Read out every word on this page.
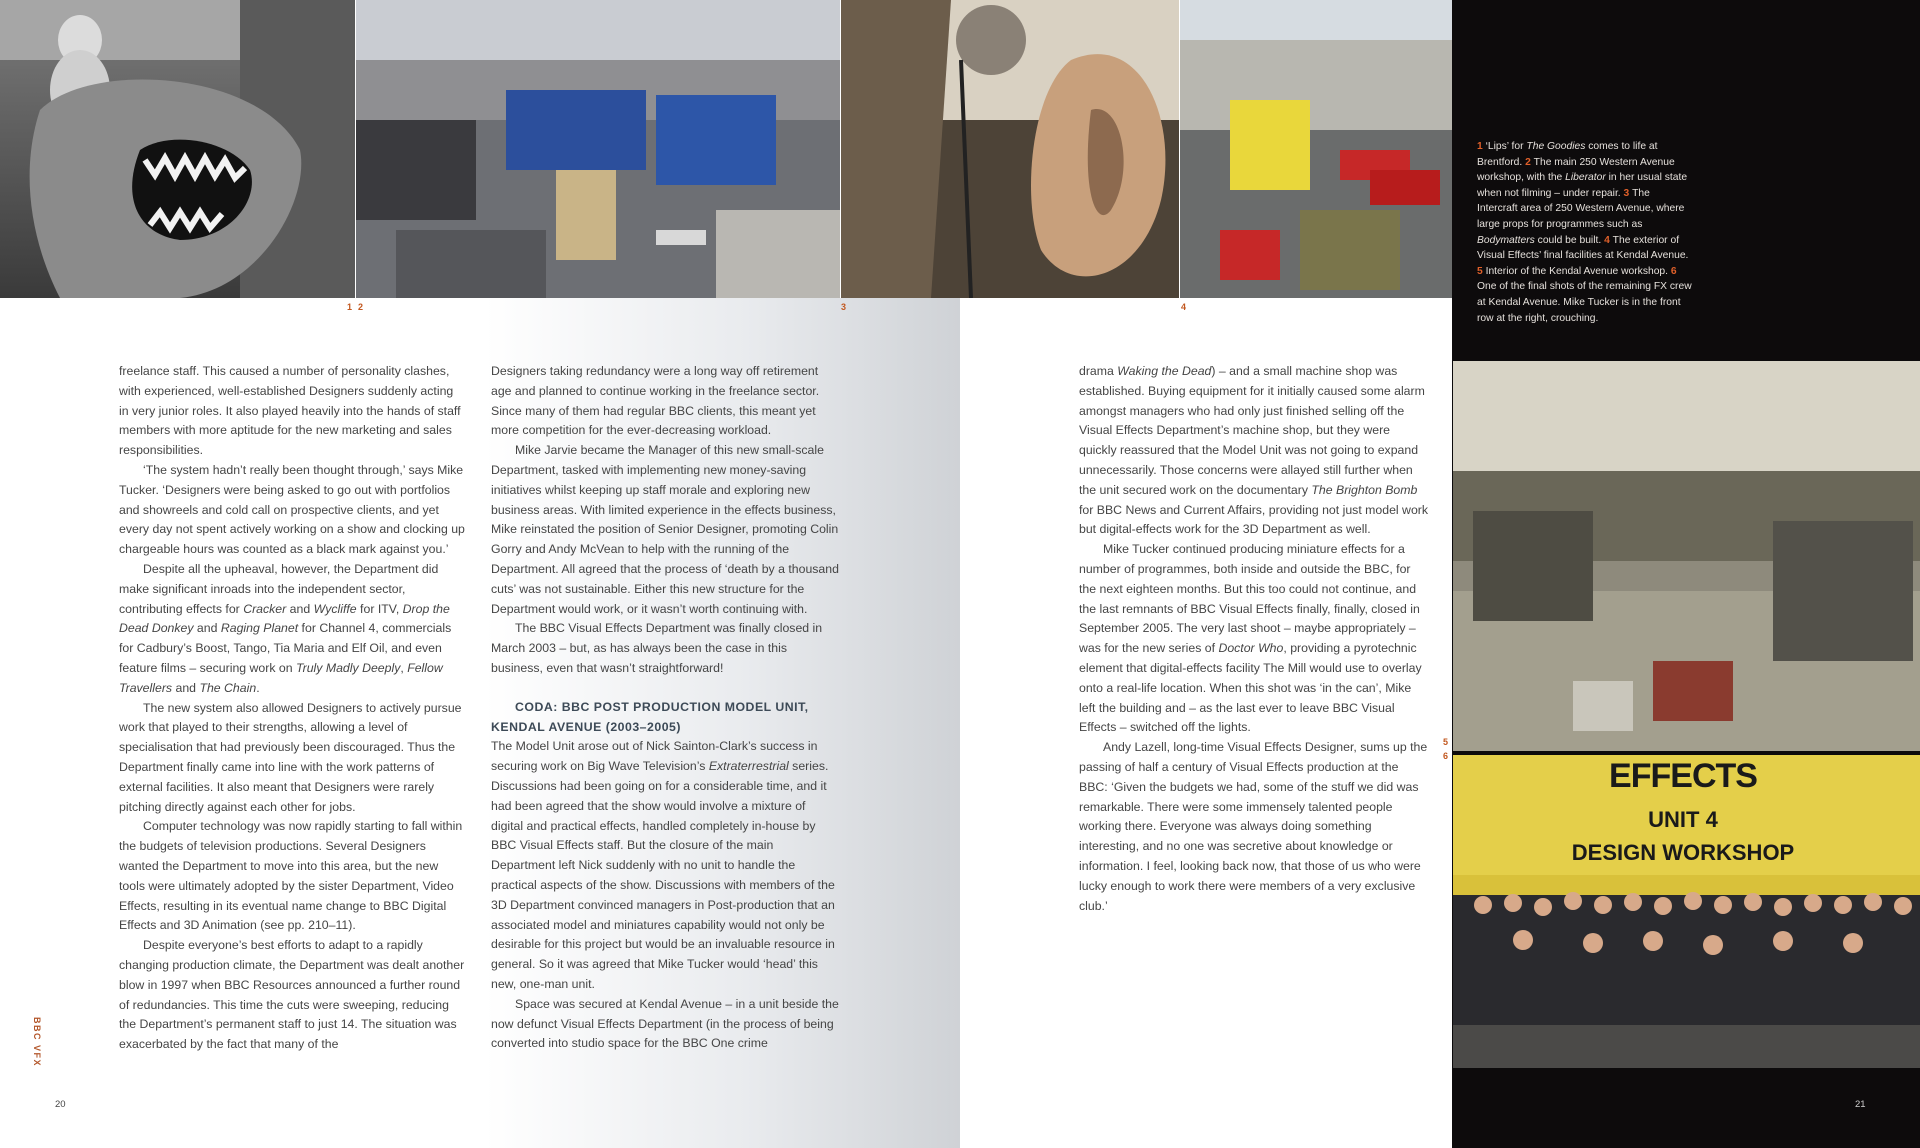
EFFECTS
UNIT 4
DESIGN WORKSHOP
1 2	3	4
5
6
1 ‘Lips’ for The Goodies comes to life at Brentford. 2 The main 250 Western Avenue workshop, with the Liberator in her usual state when not filming – under repair. 3 The Intercraft area of 250 Western Avenue, where large props for programmes such as Bodymatters could be built. 4 The exterior of Visual Effects’ final facilities at Kendal Avenue. 5 Interior of the Kendal Avenue workshop. 6 One of the final shots of the remaining FX crew at Kendal Avenue. Mike Tucker is in the front row at the right, crouching.

freelance staff. This caused a number of personality clashes, with experienced, well-established Designers suddenly acting in very junior roles. It also played heavily into the hands of staff members with more aptitude for the new marketing and sales responsibilities.

‘The system hadn’t really been thought through,’ says Mike Tucker. ‘Designers were being asked to go out with portfolios and showreels and cold call on prospective clients, and yet every day not spent actively working on a show and clocking up chargeable hours was counted as a black mark against you.’

Despite all the upheaval, however, the Department did make significant inroads into the independent sector, contributing effects for Cracker and Wycliffe for ITV, Drop the Dead Donkey and Raging Planet for Channel 4, commercials for Cadbury’s Boost, Tango, Tia Maria and Elf Oil, and even feature films – securing work on Truly Madly Deeply, Fellow Travellers and The Chain.

The new system also allowed Designers to actively pursue work that played to their strengths, allowing a level of specialisation that had previously been discouraged. Thus the Department finally came into line with the work patterns of external facilities. It also meant that Designers were rarely pitching directly against each other for jobs.

Computer technology was now rapidly starting to fall within the budgets of television productions. Several Designers wanted the Department to move into this area, but the new tools were ultimately adopted by the sister Department, Video Effects, resulting in its eventual name change to BBC Digital Effects and 3D Animation (see pp. 210–11).

Despite everyone’s best efforts to adapt to a rapidly changing production climate, the Department was dealt another blow in 1997 when BBC Resources announced a further round of redundancies. This time the cuts were sweeping, reducing the Department’s permanent staff to just 14. The situation was exacerbated by the fact that many of the

Designers taking redundancy were a long way off retirement age and planned to continue working in the freelance sector. Since many of them had regular BBC clients, this meant yet more competition for the ever-decreasing workload.

Mike Jarvie became the Manager of this new small-scale Department, tasked with implementing new money-saving initiatives whilst keeping up staff morale and exploring new business areas. With limited experience in the effects business, Mike reinstated the position of Senior Designer, promoting Colin Gorry and Andy McVean to help with the running of the Department. All agreed that the process of ‘death by a thousand cuts’ was not sustainable. Either this new structure for the Department would work, or it wasn’t worth continuing with.

The BBC Visual Effects Department was finally closed in March 2003 – but, as has always been the case in this business, even that wasn’t straightforward!

CODA: BBC POST PRODUCTION MODEL UNIT,

KENDAL AVENUE (2003–2005)

The Model Unit arose out of Nick Sainton-Clark’s success in securing work on Big Wave Television’s Extraterrestrial series. Discussions had been going on for a considerable time, and it had been agreed that the show would involve a mixture of digital and practical effects, handled completely in-house by BBC Visual Effects staff. But the closure of the main Department left Nick suddenly with no unit to handle the practical aspects of the show. Discussions with members of the 3D Department convinced managers in Post-production that an associated model and miniatures capability would not only be desirable for this project but would be an invaluable resource in general. So it was agreed that Mike Tucker would ‘head’ this new, one-man unit.

Space was secured at Kendal Avenue – in a unit beside the now defunct Visual Effects Department (in the process of being converted into studio space for the BBC One crime

drama Waking the Dead) – and a small machine shop was established. Buying equipment for it initially caused some alarm amongst managers who had only just finished selling off the Visual Effects Department’s machine shop, but they were quickly reassured that the Model Unit was not going to expand unnecessarily. Those concerns were allayed still further when the unit secured work on the documentary The Brighton Bomb for BBC News and Current Affairs, providing not just model work but digital-effects work for the 3D Department as well.

Mike Tucker continued producing miniature effects for a number of programmes, both inside and outside the BBC, for the next eighteen months. But this too could not continue, and the last remnants of BBC Visual Effects finally, finally, closed in September 2005. The very last shoot – maybe appropriately – was for the new series of Doctor Who, providing a pyrotechnic element that digital-effects facility The Mill would use to overlay onto a real-life location. When this shot was ‘in the can’, Mike left the building and – as the last ever to leave BBC Visual Effects – switched off the lights.

Andy Lazell, long-time Visual Effects Designer, sums up the passing of half a century of Visual Effects production at the BBC: ‘Given the budgets we had, some of the stuff we did was remarkable. There were some immensely talented people working there. Everyone was always doing something interesting, and no one was secretive about knowledge or information. I feel, looking back now, that those of us who were lucky enough to work there were members of a very exclusive club.’

BBC VFX
20	21
